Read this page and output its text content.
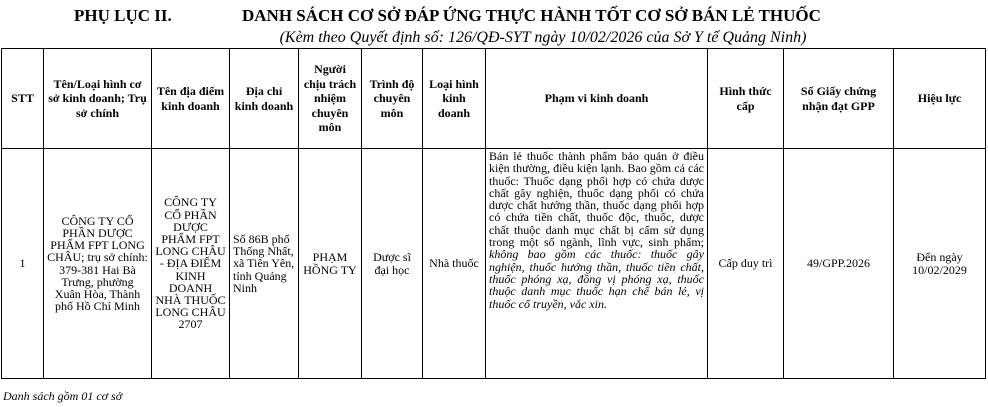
PHỤ LỤC II.	DANH SÁCH CƠ SỞ ĐÁP ỨNG THỰC HÀNH TỐT CƠ SỞ BÁN LẺ THUỐC
(Kèm theo Quyết định số: 126/QĐ-SYT ngày 10/02/2026 của Sở Y tế Quảng Ninh)
STT	Tên/Loại hình cơ sở kinh doanh; Trụ sở chính	Tên địa điểm kinh doanh	Địa chỉ kinh doanh	Người chịu trách nhiệm chuyên môn	Trình độ chuyên môn	Loại hình kinh doanh	Phạm vi kinh doanh	Hình thức cấp	Số Giấy chứng nhận đạt GPP	Hiệu lực
1	CÔNG TY CỔ PHẦN DƯỢC PHẨM FPT LONG CHÂU; trụ sở chính: 379-381 Hai Bà Trưng, phường Xuân Hòa, Thành phố Hồ Chí Minh	CÔNG TY CỔ PHẦN DƯỢC PHẨM FPT LONG CHÂU - ĐỊA ĐIỂM KINH DOANH NHÀ THUỐC LONG CHÂU 2707	Số 86B phố Thống Nhất, xã Tiên Yên, tỉnh Quảng Ninh	PHẠM HỒNG TY	Dược sĩ đại học	Nhà thuốc	Bán lẻ thuốc thành phẩm bảo quản ở điều kiện thường, điều kiện lạnh. Bao gồm cả các thuốc: Thuốc dạng phối hợp có chứa dược chất gây nghiện, thuốc dạng phối có chứa dược chất hướng thần, thuốc dạng phối hợp có chứa tiền chất, thuốc độc, thuốc, dược chất thuộc danh mục chất bị cấm sử dụng trong một số ngành, lĩnh vực, sinh phẩm; không bao gồm các thuốc: thuốc gây nghiện, thuốc hướng thần, thuốc tiền chất, thuốc phóng xạ, đồng vị phóng xạ, thuốc thuộc danh mục thuốc hạn chế bán lẻ, vị thuốc cổ truyền, vắc xin.	Cấp duy trì	49/GPP.2026	Đến ngày 10/02/2029
Danh sách gồm 01 cơ sở
